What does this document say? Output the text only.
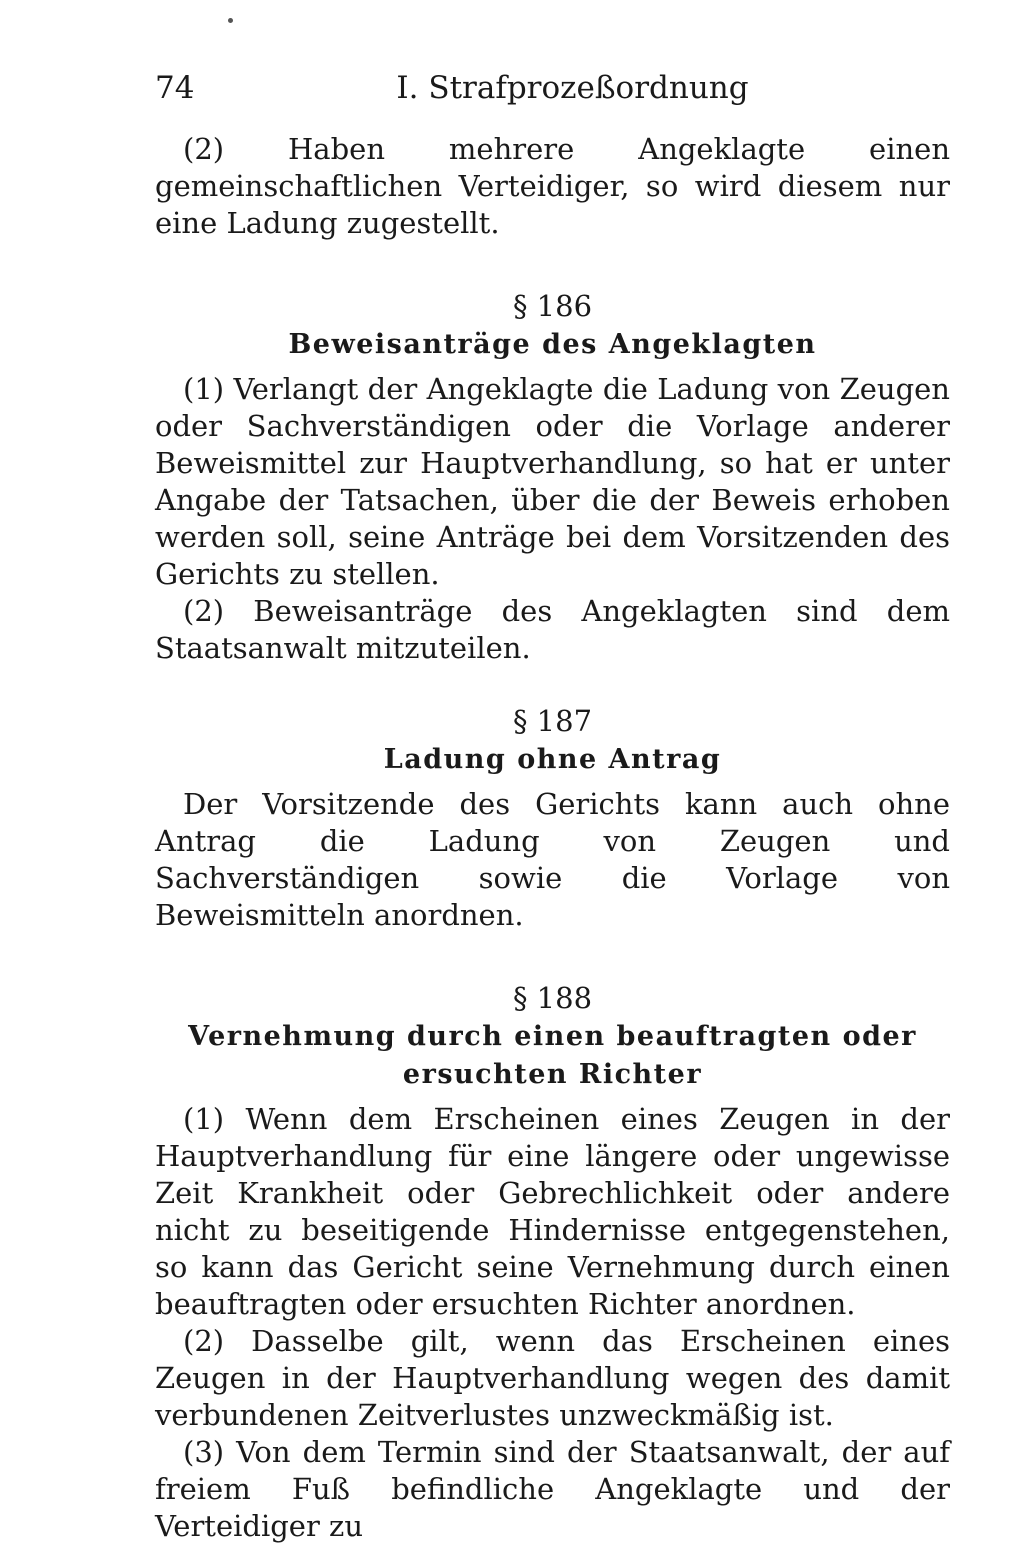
74	I. Strafprozeßordnung

(2) Haben mehrere Angeklagte einen gemeinschaftlichen Verteidiger, so wird diesem nur eine Ladung zugestellt.

§ 186
Beweisanträge des Angeklagten

(1) Verlangt der Angeklagte die Ladung von Zeugen oder Sachverständigen oder die Vorlage anderer Beweismittel zur Hauptverhandlung, so hat er unter Angabe der Tatsachen, über die der Beweis erhoben werden soll, seine Anträge bei dem Vorsitzenden des Gerichts zu stellen.

(2) Beweisanträge des Angeklagten sind dem Staatsanwalt mitzuteilen.

§ 187
Ladung ohne Antrag

Der Vorsitzende des Gerichts kann auch ohne Antrag die Ladung von Zeugen und Sachverständigen sowie die Vorlage von Beweismitteln anordnen.

§ 188
Vernehmung durch einen beauftragten oder ersuchten Richter

(1) Wenn dem Erscheinen eines Zeugen in der Hauptverhandlung für eine längere oder ungewisse Zeit Krankheit oder Gebrechlichkeit oder andere nicht zu beseitigende Hindernisse entgegenstehen, so kann das Gericht seine Vernehmung durch einen beauftragten oder ersuchten Richter anordnen.

(2) Dasselbe gilt, wenn das Erscheinen eines Zeugen in der Hauptverhandlung wegen des damit verbundenen Zeitverlustes unzweckmäßig ist.

(3) Von dem Termin sind der Staatsanwalt, der auf freiem Fuß befindliche Angeklagte und der Verteidiger zu
